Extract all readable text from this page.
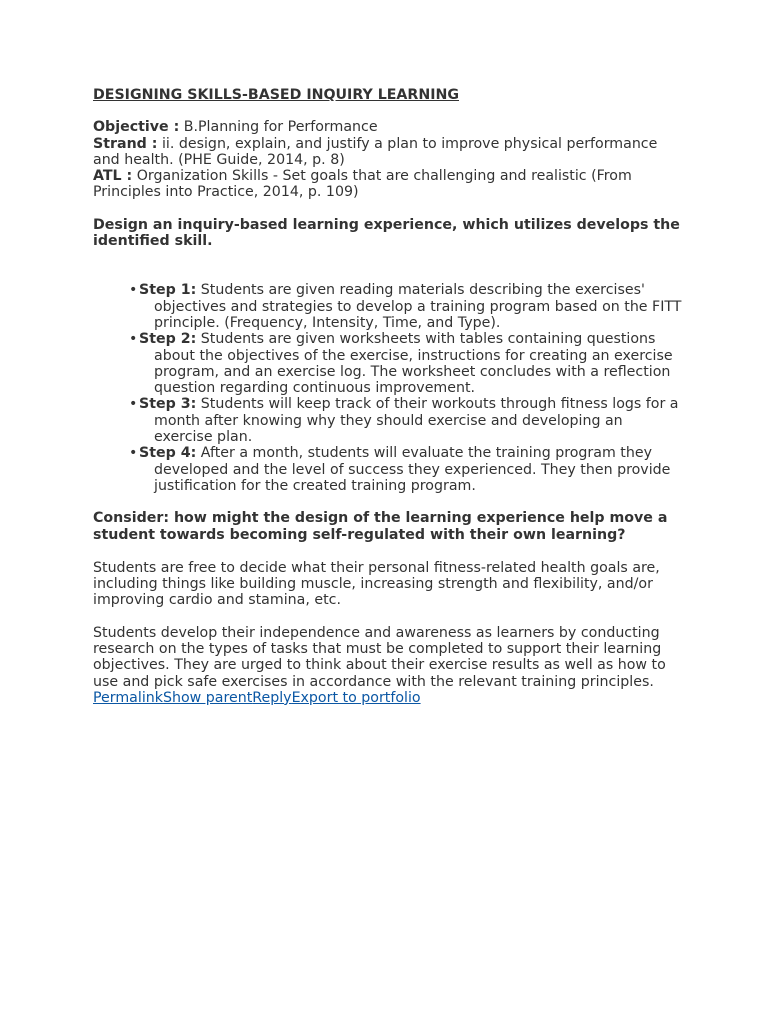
DESIGNING SKILLS-BASED INQUIRY LEARNING

Objective : B.Planning for Performance

Strand : ii. design, explain, and justify a plan to improve physical performance and health. (PHE Guide, 2014, p. 8)

ATL : Organization Skills - Set goals that are challenging and realistic (From Principles into Practice, 2014, p. 109)

Design an inquiry-based learning experience, which utilizes develops the identified skill.

• Step 1: Students are given reading materials describing the exercises' objectives and strategies to develop a training program based on the FITT principle. (Frequency, Intensity, Time, and Type).
• Step 2: Students are given worksheets with tables containing questions about the objectives of the exercise, instructions for creating an exercise program, and an exercise log. The worksheet concludes with a reflection question regarding continuous improvement.
• Step 3: Students will keep track of their workouts through fitness logs for a month after knowing why they should exercise and developing an exercise plan.
• Step 4: After a month, students will evaluate the training program they developed and the level of success they experienced. They then provide justification for the created training program.

Consider: how might the design of the learning experience help move a student towards becoming self-regulated with their own learning?

Students are free to decide what their personal fitness-related health goals are, including things like building muscle, increasing strength and flexibility, and/or improving cardio and stamina, etc.

Students develop their independence and awareness as learners by conducting research on the types of tasks that must be completed to support their learning objectives. They are urged to think about their exercise results as well as how to use and pick safe exercises in accordance with the relevant training principles.

PermalinkShow parentReplyExport to portfolio
